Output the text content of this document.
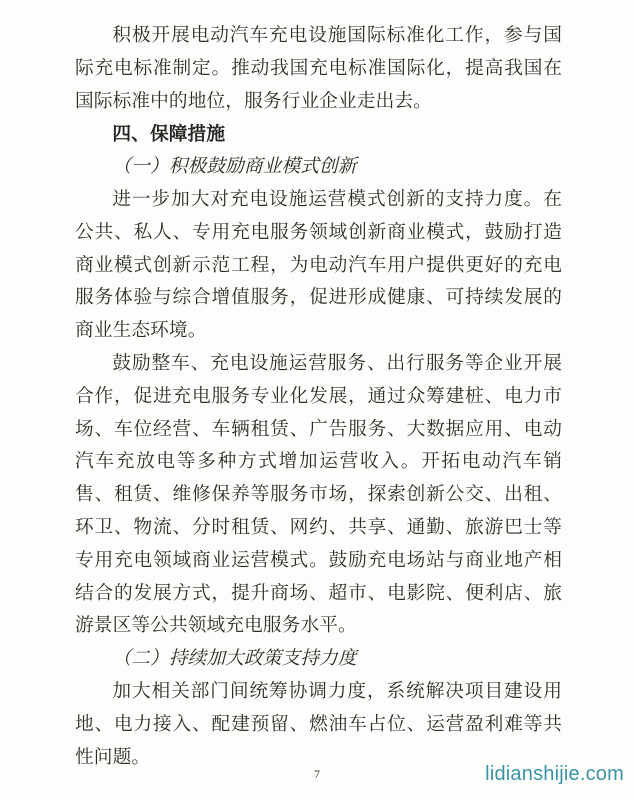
积极开展电动汽车充电设施国际标准化工作，参与国际充电标准制定。推动我国充电标准国际化，提高我国在国际标准中的地位，服务行业企业走出去。

四、保障措施

（一）积极鼓励商业模式创新

进一步加大对充电设施运营模式创新的支持力度。在公共、私人、专用充电服务领域创新商业模式，鼓励打造商业模式创新示范工程，为电动汽车用户提供更好的充电服务体验与综合增值服务，促进形成健康、可持续发展的商业生态环境。

鼓励整车、充电设施运营服务、出行服务等企业开展合作，促进充电服务专业化发展，通过众筹建桩、电力市场、车位经营、车辆租赁、广告服务、大数据应用、电动汽车充放电等多种方式增加运营收入。开拓电动汽车销售、租赁、维修保养等服务市场，探索创新公交、出租、环卫、物流、分时租赁、网约、共享、通勤、旅游巴士等专用充电领域商业运营模式。鼓励充电场站与商业地产相结合的发展方式，提升商场、超市、电影院、便利店、旅游景区等公共领域充电服务水平。

（二）持续加大政策支持力度

加大相关部门间统筹协调力度，系统解决项目建设用地、电力接入、配建预留、燃油车占位、运营盈利难等共性问题。

7	lidianshijie.com
